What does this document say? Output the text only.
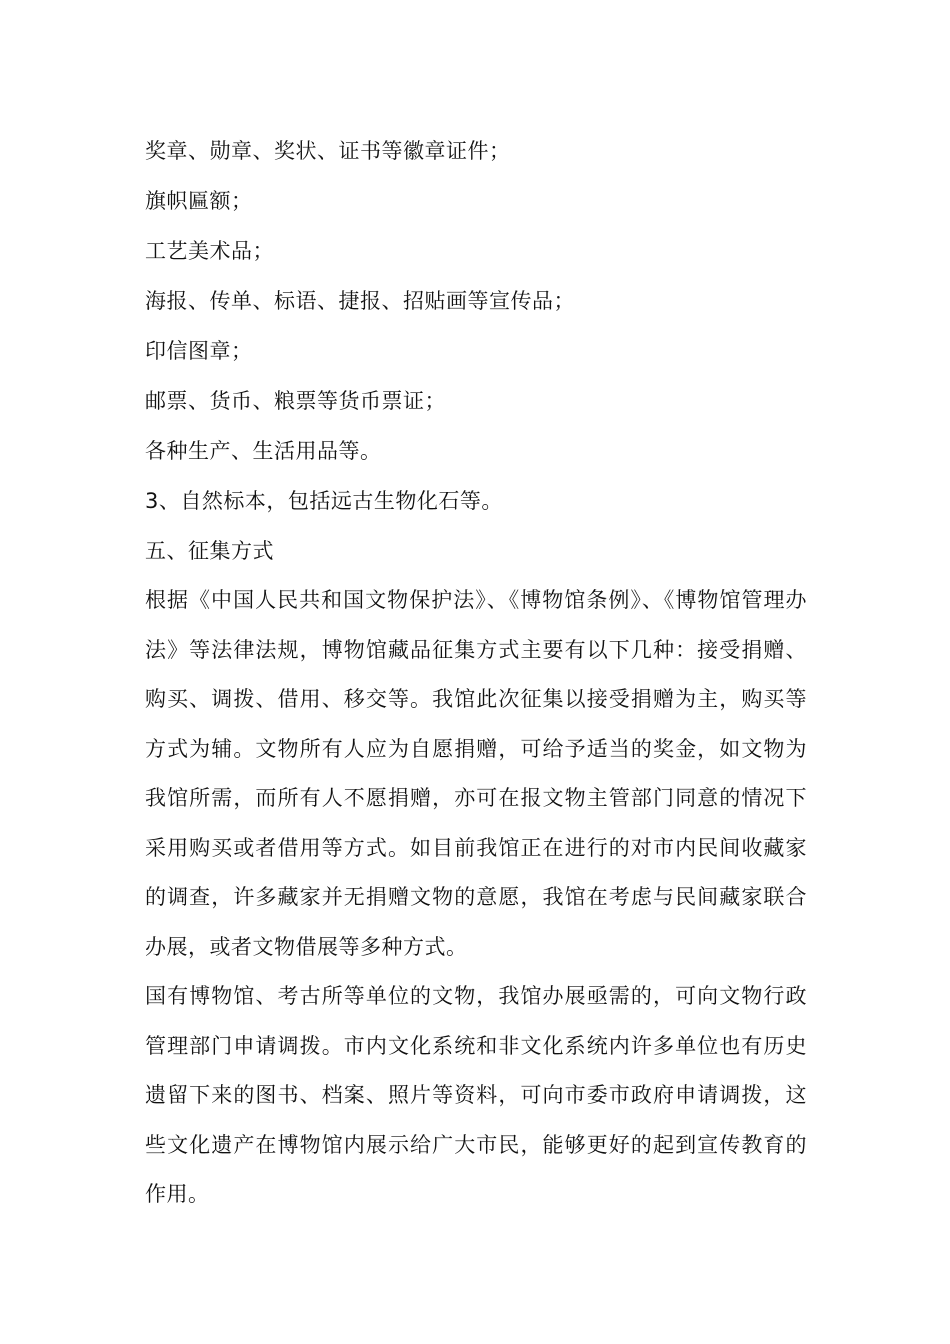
奖章、勋章、奖状、证书等徽章证件；
旗帜匾额；
工艺美术品；
海报、传单、标语、捷报、招贴画等宣传品；
印信图章；
邮票、货币、粮票等货币票证；
各种生产、生活用品等。
3、自然标本，包括远古生物化石等。
五、征集方式

根据《中国人民共和国文物保护法》、《博物馆条例》、《博物馆管理办法》等法律法规，博物馆藏品征集方式主要有以下几种：接受捐赠、购买、调拨、借用、移交等。我馆此次征集以接受捐赠为主，购买等方式为辅。文物所有人应为自愿捐赠，可给予适当的奖金，如文物为我馆所需，而所有人不愿捐赠，亦可在报文物主管部门同意的情况下采用购买或者借用等方式。如目前我馆正在进行的对市内民间收藏家的调查，许多藏家并无捐赠文物的意愿，我馆在考虑与民间藏家联合办展，或者文物借展等多种方式。

国有博物馆、考古所等单位的文物，我馆办展亟需的，可向文物行政管理部门申请调拨。市内文化系统和非文化系统内许多单位也有历史遗留下来的图书、档案、照片等资料，可向市委市政府申请调拨，这些文化遗产在博物馆内展示给广大市民，能够更好的起到宣传教育的作用。
